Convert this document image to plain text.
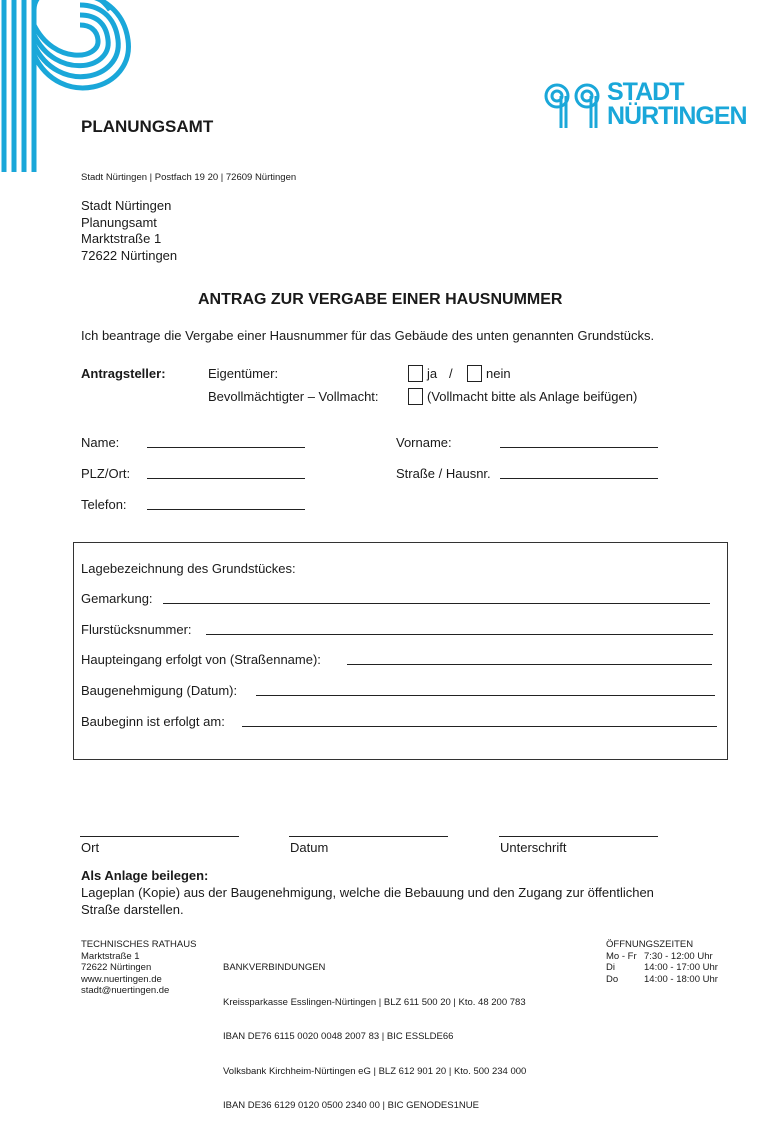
STADT
NÜRTINGEN
PLANUNGSAMT
Stadt Nürtingen | Postfach 19 20 | 72609 Nürtingen
Stadt Nürtingen
Planungsamt
Marktstraße 1
72622 Nürtingen
ANTRAG ZUR VERGABE EINER HAUSNUMMER
Ich beantrage die Vergabe einer Hausnummer für das Gebäude des unten genannten Grundstücks.
Antragsteller:	Eigentümer:	ja /	nein
Bevollmächtigter – Vollmacht:	(Vollmacht bitte als Anlage beifügen)
Name:	Vorname:
PLZ/Ort:	Straße / Hausnr.
Telefon:
Lagebezeichnung des Grundstückes:
Gemarkung:
Flurstücksnummer:
Haupteingang erfolgt von (Straßenname):
Baugenehmigung (Datum):
Baubeginn ist erfolgt am:
Ort	Datum	Unterschrift
Als Anlage beilegen:
Lageplan (Kopie) aus der Baugenehmigung, welche die Bebauung und den Zugang zur öffentlichen
Straße darstellen.
TECHNISCHES RATHAUS
Marktstraße 1
72622 Nürtingen
www.nuertingen.de
stadt@nuertingen.de

BANKVERBINDUNGEN

Kreissparkasse Esslingen-Nürtingen | BLZ 611 500 20 | Kto. 48 200 783

IBAN DE76 6115 0020 0048 2007 83 | BIC ESSLDE66

Volksbank Kirchheim-Nürtingen eG | BLZ 612 901 20 | Kto. 500 234 000

IBAN DE36 6129 0120 0500 2340 00 | BIC GENODES1NUE

ÖFFNUNGSZEITEN
Mo - Fr 7:30 - 12:00 Uhr
Di	14:00 - 17:00 Uhr
Do	14:00 - 18:00 Uhr
